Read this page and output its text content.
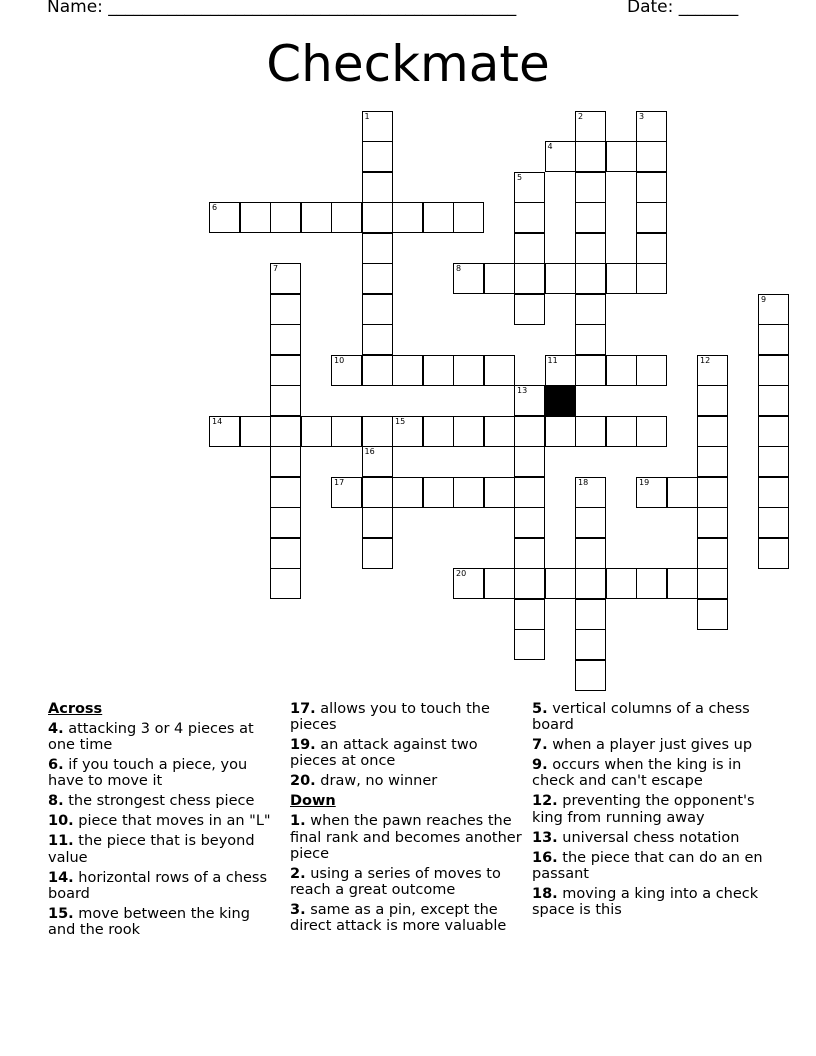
Name: ________________________________________________	Date: _______
Checkmate
1	2	3
4
5
6
7	8
9
10	11	12
13
14	15
16
17	18	19
20
Across
4. attacking 3 or 4 pieces at one time
6. if you touch a piece, you have to move it
8. the strongest chess piece
10. piece that moves in an "L"
11. the piece that is beyond value
14. horizontal rows of a chess board
15. move between the king and the rook
17. allows you to touch the pieces
19. an attack against two pieces at once
20. draw, no winner
Down
1. when the pawn reaches the final rank and becomes another piece
2. using a series of moves to reach a great outcome
3. same as a pin, except the direct attack is more valuable
5. vertical columns of a chess board
7. when a player just gives up
9. occurs when the king is in check and can't escape
12. preventing the opponent's king from running away
13. universal chess notation
16. the piece that can do an en passant
18. moving a king into a check space is this
